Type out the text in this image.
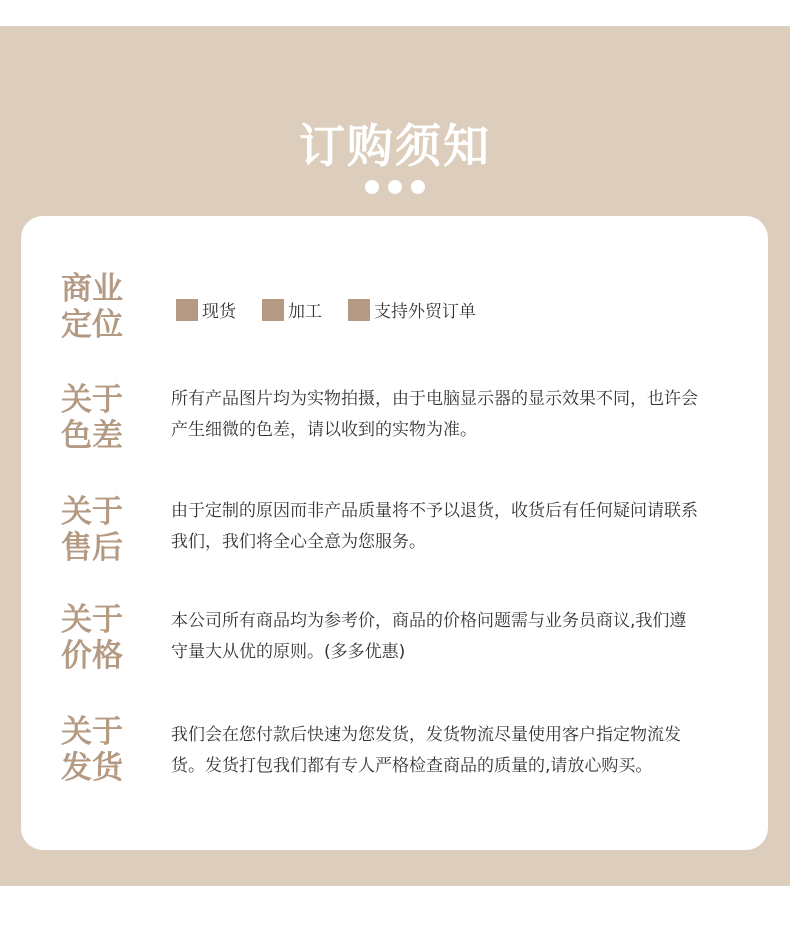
订购须知
商业
定位	现货	加工	支持外贸订单
关于
色差
所有产品图片均为实物拍摄，由于电脑显示器的显示效果不同，也许会
产生细微的色差，请以收到的实物为准。
关于
售后
由于定制的原因而非产品质量将不予以退货，收货后有任何疑问请联系
我们，我们将全心全意为您服务。
关于
价格
本公司所有商品均为参考价，商品的价格问题需与业务员商议,我们遵
守量大从优的原则。(多多优惠)
关于
发货
我们会在您付款后快速为您发货，发货物流尽量使用客户指定物流发
货。发货打包我们都有专人严格检查商品的质量的,请放心购买。
